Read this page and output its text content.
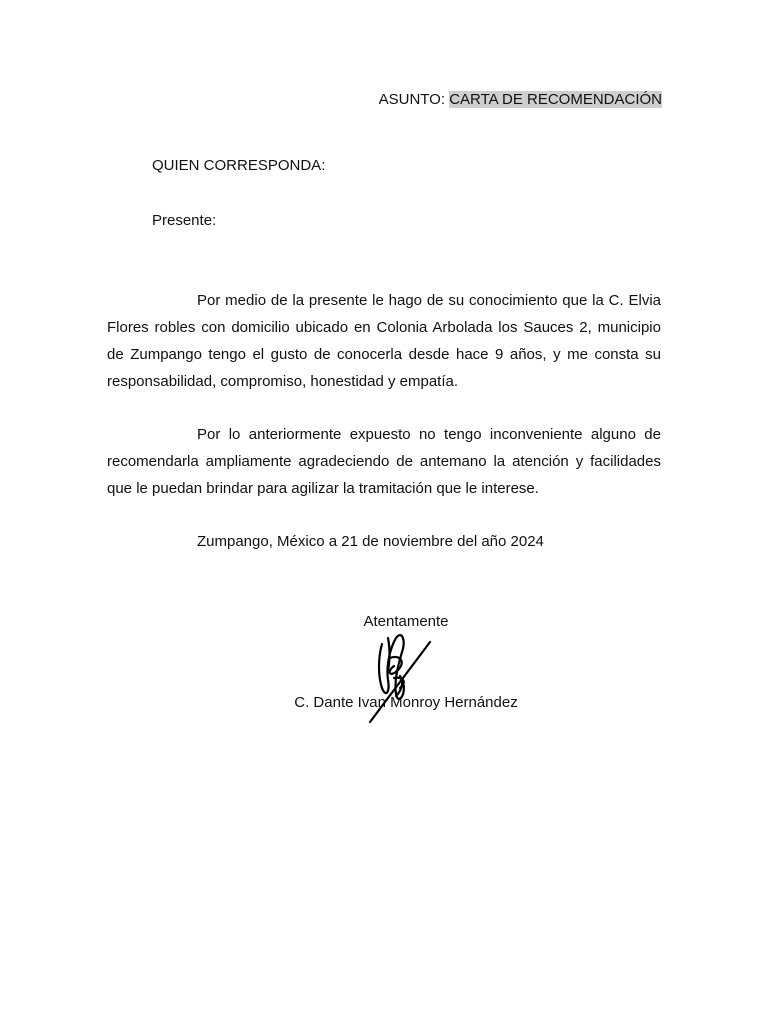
ASUNTO: CARTA DE RECOMENDACIÓN
QUIEN CORRESPONDA:
Presente:

Por medio de la presente le hago de su conocimiento que la C. Elvia Flores robles con domicilio ubicado en Colonia Arbolada los Sauces 2, municipio de Zumpango tengo el gusto de conocerla desde hace 9 años, y me consta su responsabilidad, compromiso, honestidad y empatía.

Por lo anteriormente expuesto no tengo inconveniente alguno de recomendarla ampliamente agradeciendo de antemano la atención y facilidades que le puedan brindar para agilizar la tramitación que le interese.

Zumpango, México a 21 de noviembre del año 2024
Atentamente
C. Dante Ivan Monroy Hernández
